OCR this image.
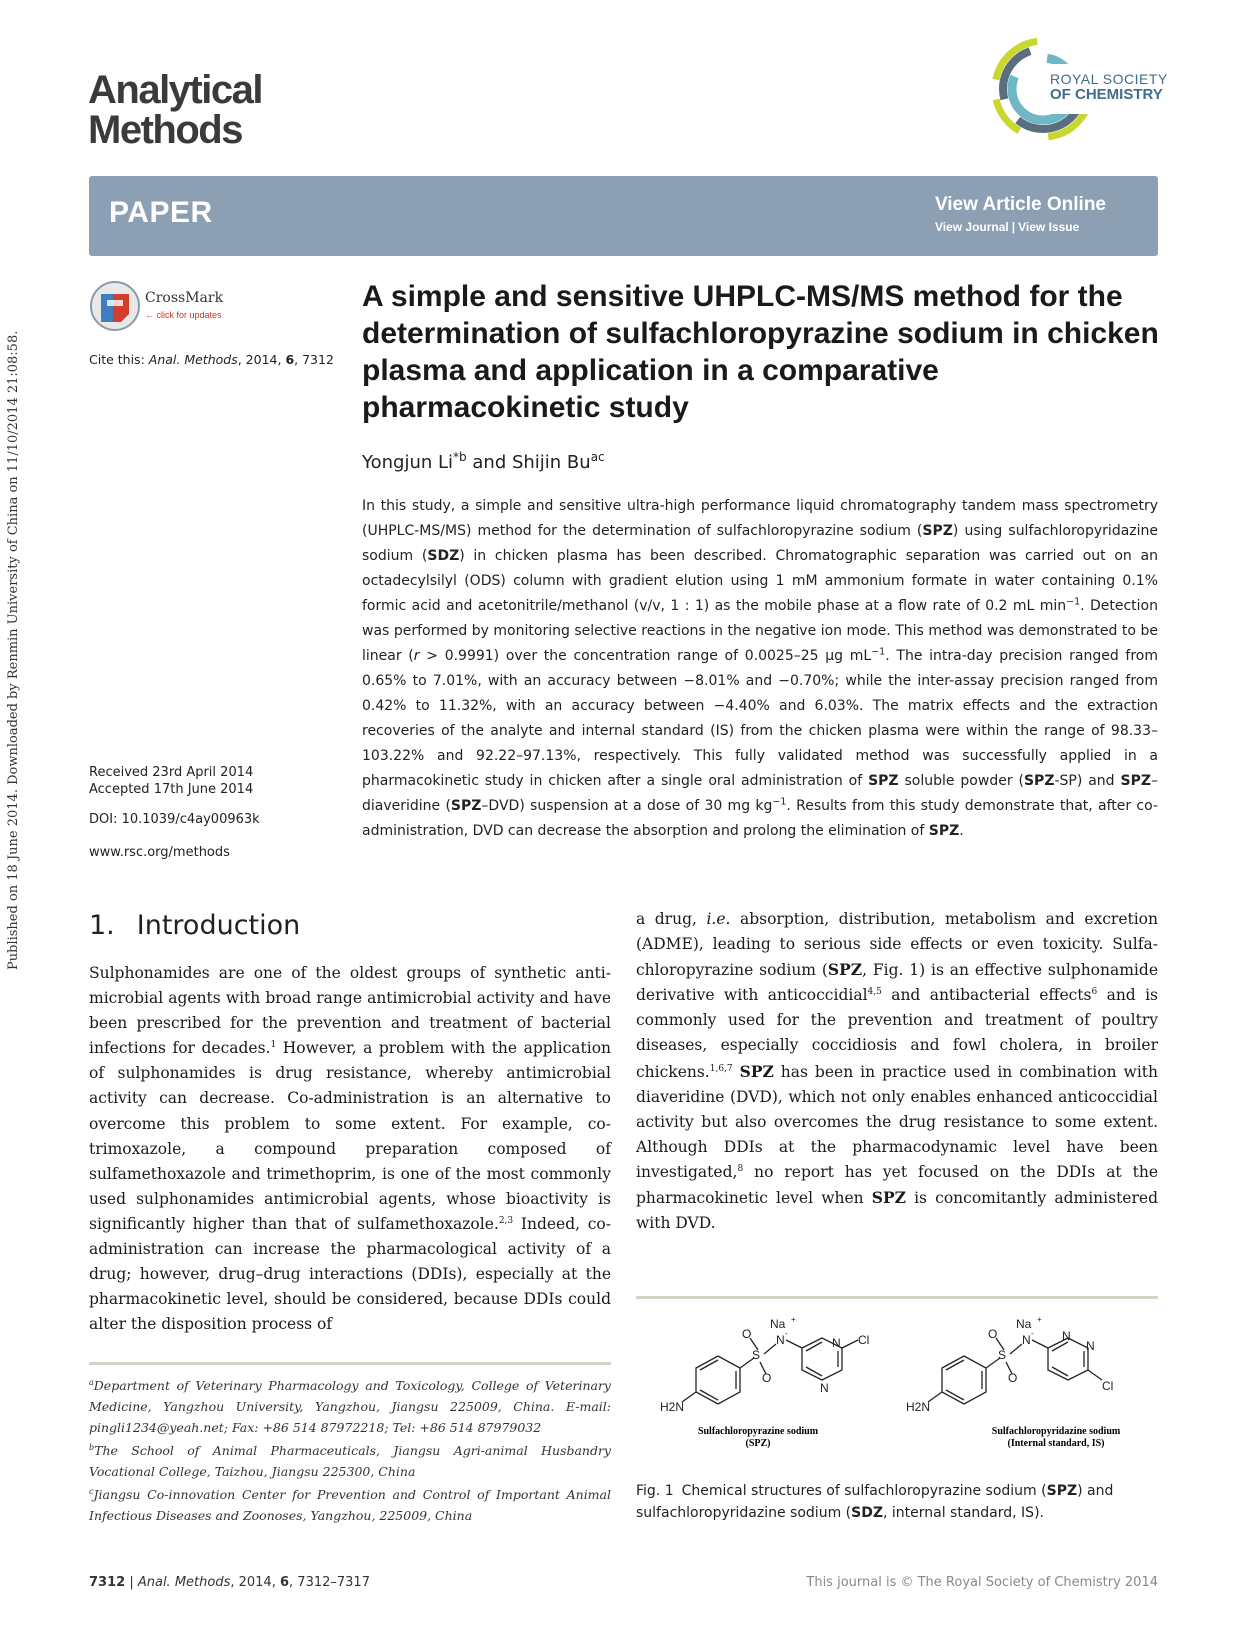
Published on 18 June 2014. Downloaded by Renmin University of China on 11/10/2014 21:08:58.
Analytical
Methods
ROYAL SOCIETY
OF CHEMISTRY
PAPER	View Article Online
View Journal | View Issue
CrossMark
← click for updates
Cite this: Anal. Methods, 2014, 6, 7312
Received 23rd April 2014
Accepted 17th June 2014
DOI: 10.1039/c4ay00963k
www.rsc.org/methods
A simple and sensitive UHPLC-MS/MS method for the determination of sulfachloropyrazine sodium in chicken plasma and application in a comparative pharmacokinetic study
Yongjun Li$^{*b}$ and Shijin $Bu^{ac}$
In this study, a simple and sensitive ultra-high performance liquid chromatography tandem mass spectrometry (UHPLC-MS/MS) method for the determination of sulfachloropyrazine sodium (SPZ) using sulfachloropyridazine sodium (SDZ) in chicken plasma has been described. Chromatographic separation was carried out on an octadecylsilyl (ODS) column with gradient elution using 1 mM ammonium formate in water containing 0.1% formic acid and acetonitrile/methanol (v/v, 1 : 1) as the mobile phase at a flow rate of 0.2 mL $\min^{-1}$. Detection was performed by monitoring selective reactions in the negative ion mode. This method was demonstrated to be linear (r > 0.9991) over the concentration range of 0.0025–25 μg $mL^{-1}$. The intra-day precision ranged from 0.65% to 7.01%, with an accuracy between −8.01% and −0.70%; while the inter-assay precision ranged from 0.42% to 11.32%, with an accuracy between −4.40% and 6.03%. The matrix effects and the extraction recoveries of the analyte and internal standard (IS) from the chicken plasma were within the range of 98.33–103.22% and 92.22–97.13%, respectively. This fully validated method was successfully applied in a pharmacokinetic study in chicken after a single oral administration of SPZ soluble powder (SPZ-SP) and SPZ–diaveridine (SPZ–DVD) suspension at a dose of 30 mg $kg^{-1}$. Results from this study demonstrate that, after co-administration, DVD can decrease the absorption and prolong the elimination of SPZ.
1. Introduction
Sulphonamides are one of the oldest groups of synthetic antimicrobial agents with broad range antimicrobial activity and have been prescribed for the prevention and treatment of bacterial infections for decades.$^1$ However, a problem with the application of sulphonamides is drug resistance, whereby antimicrobial activity can decrease. Co-administration is an alternative to overcome this problem to some extent. For example, co-trimoxazole, a compound preparation composed of sulfamethoxazole and trimethoprim, is one of the most commonly used sulphonamides antimicrobial agents, whose bioactivity is significantly higher than that of sulfamethoxazole.$^{2,3}$ Indeed, co-administration can increase the pharmacological activity of a drug; however, drug–drug interactions (DDIs), especially at the pharmacokinetic level, should be considered, because DDIs could alter the disposition process of
a drug, i.e. absorption, distribution, metabolism and excretion (ADME), leading to serious side effects or even toxicity. Sulfachloropyrazine sodium (SPZ, Fig. 1) is an effective sulphonamide derivative with anticoccidial$^{4,5}$ and antibacterial effects$^6$ and is commonly used for the prevention and treatment of poultry diseases, especially coccidiosis and fowl cholera, in broiler chickens.$^{1,6,7}$ SPZ has been in practice used in combination with diaveridine (DVD), which not only enables enhanced anticoccidial activity but also overcomes the drug resistance to some extent. Although DDIs at the pharmacodynamic level have been investigated,$^8$ no report has yet focused on the DDIs at the pharmacokinetic level when SPZ is concomitantly administered with DVD.
$^a$Department of Veterinary Pharmacology and Toxicology, College of Veterinary Medicine, Yangzhou University, Yangzhou, Jiangsu 225009, China. E-mail: pingli1234@yeah.net; Fax: +86 514 87972218; Tel: +86 514 87979032
$^b$The School of Animal Pharmaceuticals, Jiangsu Agri-animal Husbandry Vocational College, Taizhou, Jiangsu 225300, China
$^c$Jiangsu Co-innovation Center for Prevention and Control of Important Animal Infectious Diseases and Zoonoses, Yangzhou, 225009, China
H2N
S
O
O
N -
Na +
N
N
Cl
Sulfachloropyrazine sodium
(SPZ)
H2N
S
O
O
N -
Na +
N
N
Cl
Sulfachloropyridazine sodium
(Internal standard, IS)
Fig. 1 Chemical structures of sulfachloropyrazine sodium (SPZ) and sulfachloropyridazine sodium (SDZ, internal standard, IS).
7312 | Anal. Methods, 2014, 6, 7312–7317	This journal is © The Royal Society of Chemistry 2014
